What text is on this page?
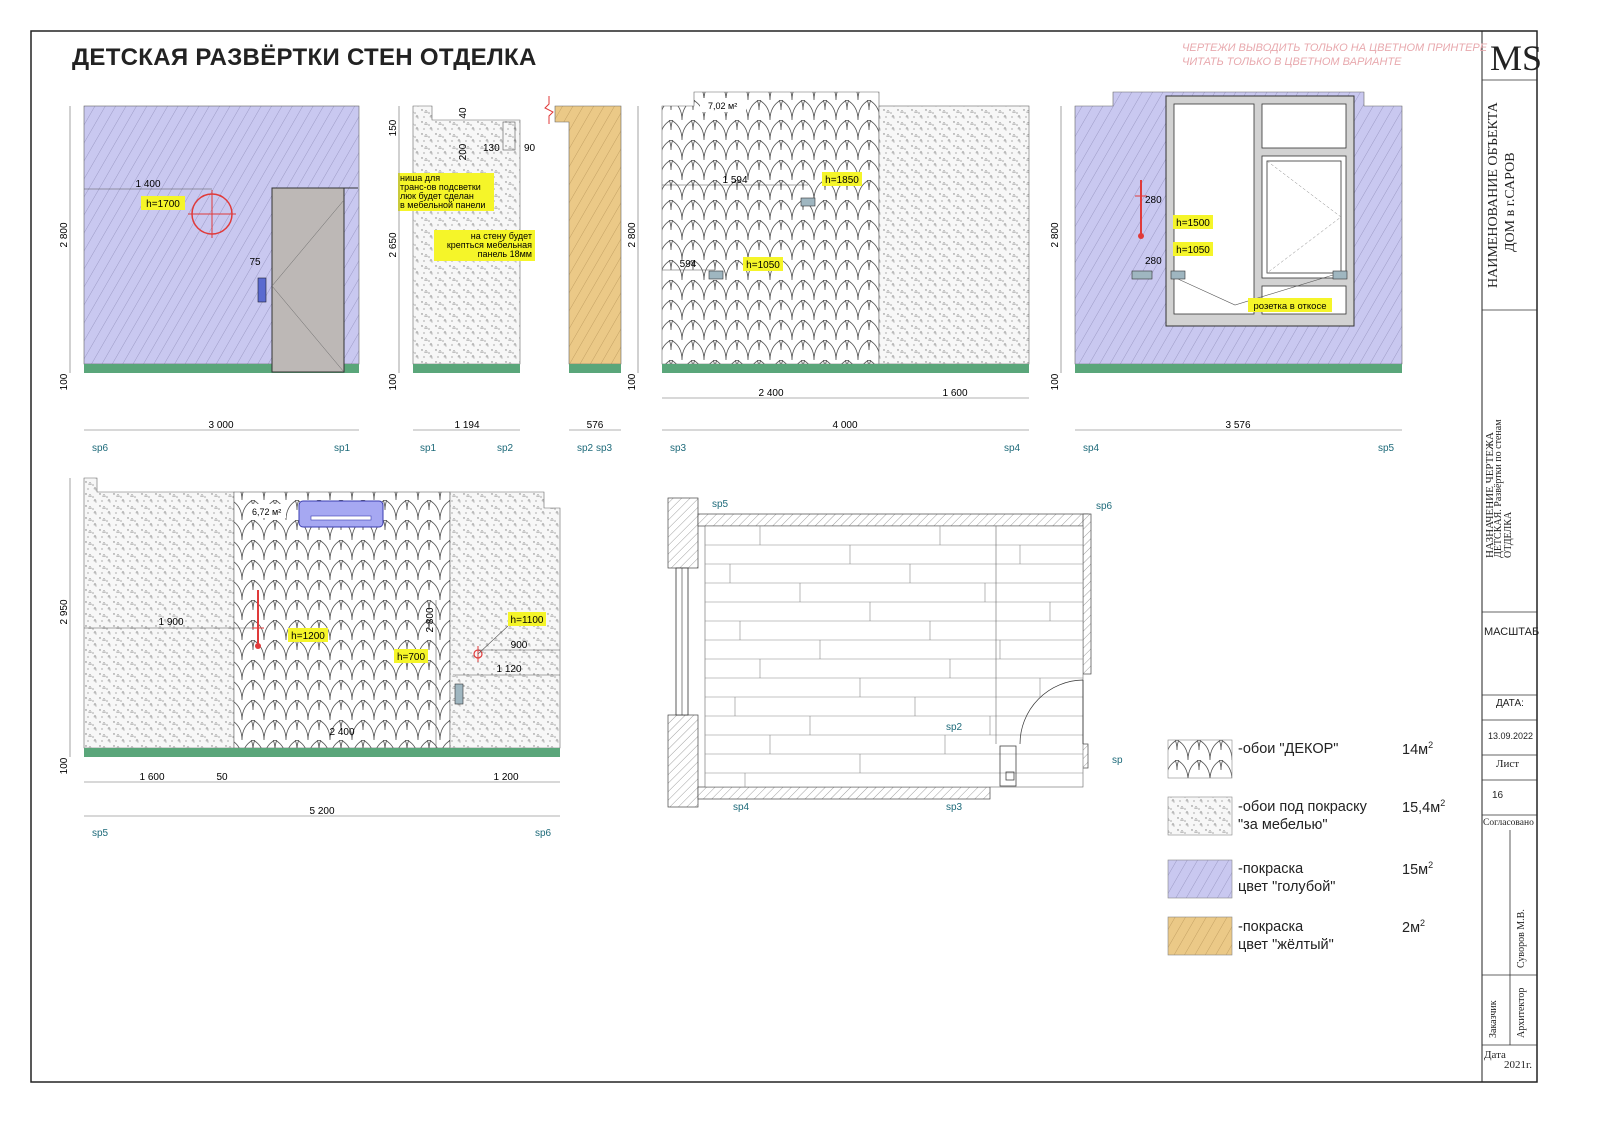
MS
1 400
h=1700
75
2 800
100
3 000
sp6	sp1
40
200 130 90
ниша для
транс-ов подсветки
люк будет сделан
в мебельной панели
на стену будет
крепться мебельная
панель 18мм
150
2 650
100
1 194
sp1	sp2
576
sp2 sp3
7,02 м²
1 594	h=1850
594	h=1050
2 800
100
2 400	1 600
4 000
sp3	sp4
280
h=1500
h=1050
280
розетка в откосе
2 800
100
3 576
sp4	sp5
6,72 м²
1 900
h=1200
h=700
2 800	h=1100
900
1 120
2 950
100
2 400
1 600	50	1 200
5 200
sp5	sp6
sp5	sp6
sp2
sp4	sp3
sp
ДЕТСКАЯ РАЗВЁРТКИ СТЕН ОТДЕЛКА	ЧЕРТЕЖИ ВЫВОДИТЬ ТОЛЬКО НА ЦВЕТНОМ ПРИНТЕРЕ
ЧИТАТЬ ТОЛЬКО В ЦВЕТНОМ ВАРИАНТЕ
НАИМЕНОВАНИЕ ОБЪЕКТА ДОМ в г.САРОВ
НАЗНАЧЕНИЕ ЧЕРТЕЖА
ДЕТСКАЯ. Развёртки по стенам ОТДЕЛКА
МАСШТАБ
ДАТА:
13.09.2022
Лист
16
Согласовано
Суворов М.В.
Заказчик Архитектор
Дата
2021г.
-обои "ДЕКОР"	$14м^2$
-обои под покраску
"за мебелью"
$15,4м^2$
-покраска
цвет "голубой"
$15м^2$
-покраска
цвет "жёлтый"
$2м^2$
